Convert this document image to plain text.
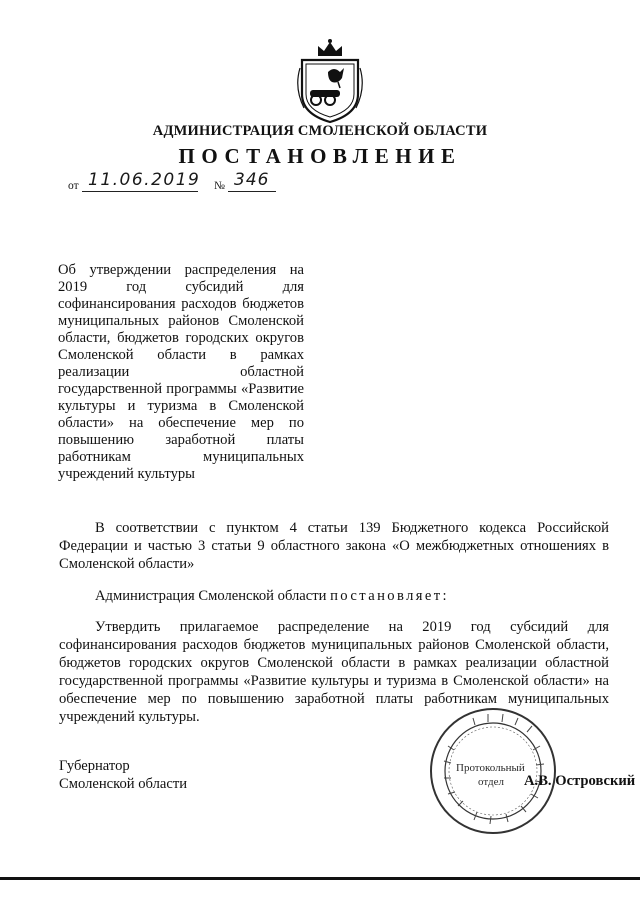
АДМИНИСТРАЦИЯ СМОЛЕНСКОЙ ОБЛАСТИ
ПОСТАНОВЛЕНИЕ
от 11.06.2019 № 346
Об утверждении распределения на 2019 год субсидий для софинансирования расходов бюджетов муниципальных районов Смоленской области, бюджетов городских округов Смоленской области в рамках реализации областной государственной программы «Развитие культуры и туризма в Смоленской области» на обеспечение мер по повышению заработной платы работникам муниципальных учреждений культуры
В соответствии с пунктом 4 статьи 139 Бюджетного кодекса Российской Федерации и частью 3 статьи 9 областного закона «О межбюджетных отношениях в Смоленской области»
Администрация Смоленской области постановляет:
Утвердить прилагаемое распределение на 2019 год субсидий для софинансирования расходов бюджетов муниципальных районов Смоленской области, бюджетов городских округов Смоленской области в рамках реализации областной государственной программы «Развитие культуры и туризма в Смоленской области» на обеспечение мер по повышению заработной платы работникам муниципальных учреждений культуры.
Протокольный
отдел
Губернатор
Смоленской области	А.В. Островский
